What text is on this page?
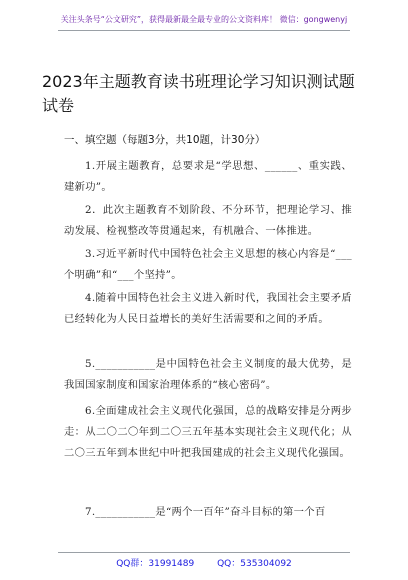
关注头条号“公文研究”，获得最新最全最专业的公文资料库！ 微信：gongwenyj
2023年主题教育读书班理论学习知识测试题试卷
一、填空题（每题3分，共10题，计30分）
1.开展主题教育，总要求是“学思想、______、重实践、建新功”。
2．此次主题教育不划阶段、不分环节，把理论学习、推动发展、检视整改等贯通起来，有机融合、一体推进。
3.习近平新时代中国特色社会主义思想的核心内容是“___个明确”和“___个坚持”。
4.随着中国特色社会主义进入新时代，我国社会主要矛盾已经转化为人民日益增长的美好生活需要和之间的矛盾。
5.___________是中国特色社会主义制度的最大优势，是我国国家制度和国家治理体系的“核心密码”。
6.全面建成社会主义现代化强国，总的战略安排是分两步走：从二〇二〇年到二〇三五年基本实现社会主义现代化；从二〇三五年到本世纪中叶把我国建成的社会主义现代化强国。
7.___________是“两个一百年”奋斗目标的第一个百
QQ群：31991489	QQ：535304092
